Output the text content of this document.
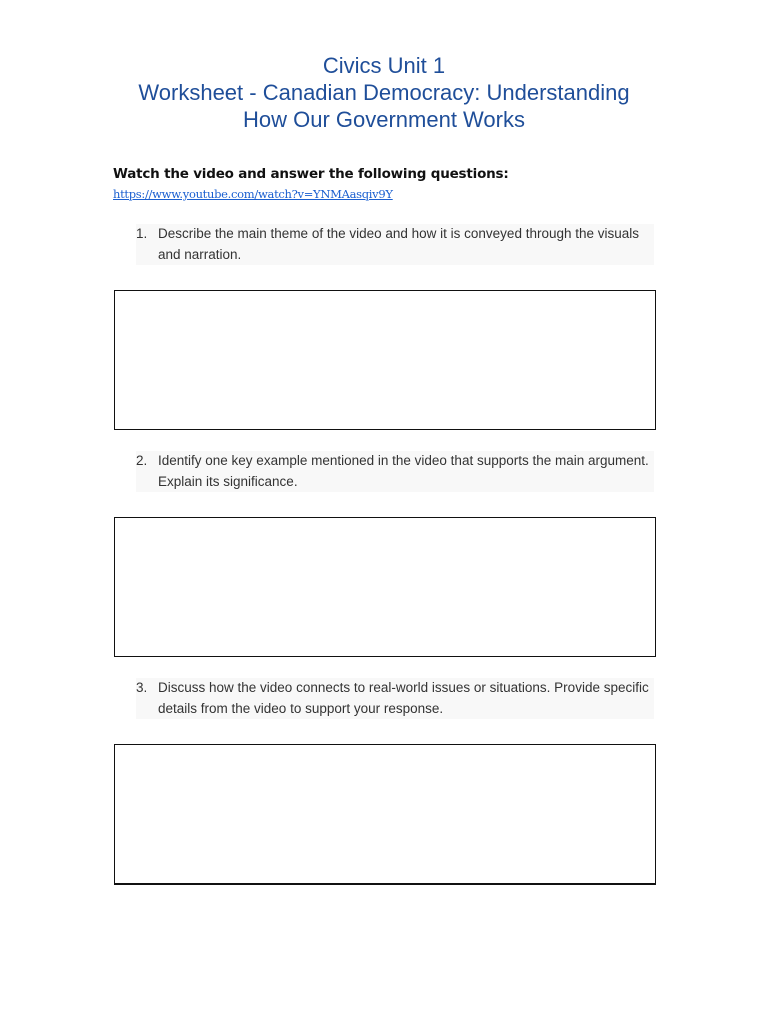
Civics Unit 1
Worksheet - Canadian Democracy: Understanding
How Our Government Works
Watch the video and answer the following questions:
https://www.youtube.com/watch?v=YNMAasqiv9Y
1. Describe the main theme of the video and how it is conveyed through the visuals and narration.
2. Identify one key example mentioned in the video that supports the main argument. Explain its significance.
3. Discuss how the video connects to real-world issues or situations. Provide specific details from the video to support your response.
